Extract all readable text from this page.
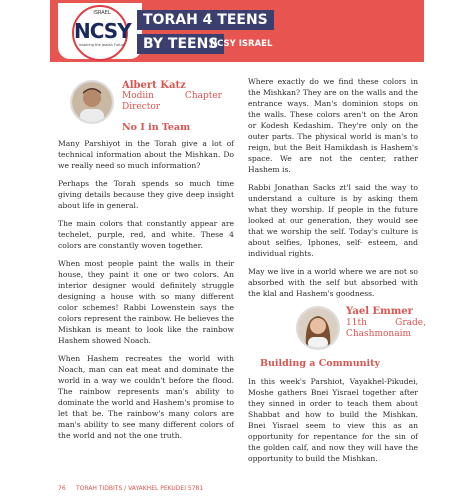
ISRAEL
NCSY
inspiring the Jewish Future
TORAH 4 TEENS
BY TEENS
NCSY ISRAEL
Albert Katz
Modiin Chapter Director
No I in Team

Many Parshiyot in the Torah give a lot of technical information about the Mishkan. Do we really need so much information?

Perhaps the Torah spends so much time giving details because they give deep insight about life in general.

The main colors that constantly appear are techelet, purple, red, and white. These 4 colors are constantly woven together.

When most people paint the walls in their house, they paint it one or two colors. An interior designer would definitely struggle designing a house with so many different color schemes! Rabbi Lowenstein says the colors represent the rainbow. He believes the Mishkan is meant to look like the rainbow Hashem showed Noach.

When Hashem recreates the world with Noach, man can eat meat and dominate the world in a way we couldn't before the flood. The rainbow represents man's ability to dominate the world and Hashem's promise to let that be. The rainbow's many colors are man's ability to see many different colors of the world and not the one truth.

Where exactly do we find these colors in the Mishkan? They are on the walls and the entrance ways. Man's dominion stops on the walls. These colors aren't on the Aron or Kodesh Kedashim. They're only on the outer parts. The physical world is man's to reign, but the Beit Hamikdash is Hashem's space. We are not the center, rather Hashem is.

Rabbi Jonathan Sacks zt'l said the way to understand a culture is by asking them what they worship. If people in the future looked at our generation, they would see that we worship the self. Today's culture is about selfies, Iphones, self- esteem, and individual rights.

May we live in a world where we are not so absorbed with the self but absorbed with the klal and Hashem's goodness.

Yael Emmer
11th Grade, Chashmonaim
Building a Community

In this week's Parshiot, Vayakhel-Pikudei, Moshe gathers Bnei Yisrael together after they sinned in order to teach them about Shabbat and how to build the Mishkan. Bnei Yisrael seem to view this as an opportunity for repentance for the sin of the golden calf, and now they will have the opportunity to build the Mishkan.

76 TORAH TIDBITS / VAYAKHEL PEKUDEI 5781
